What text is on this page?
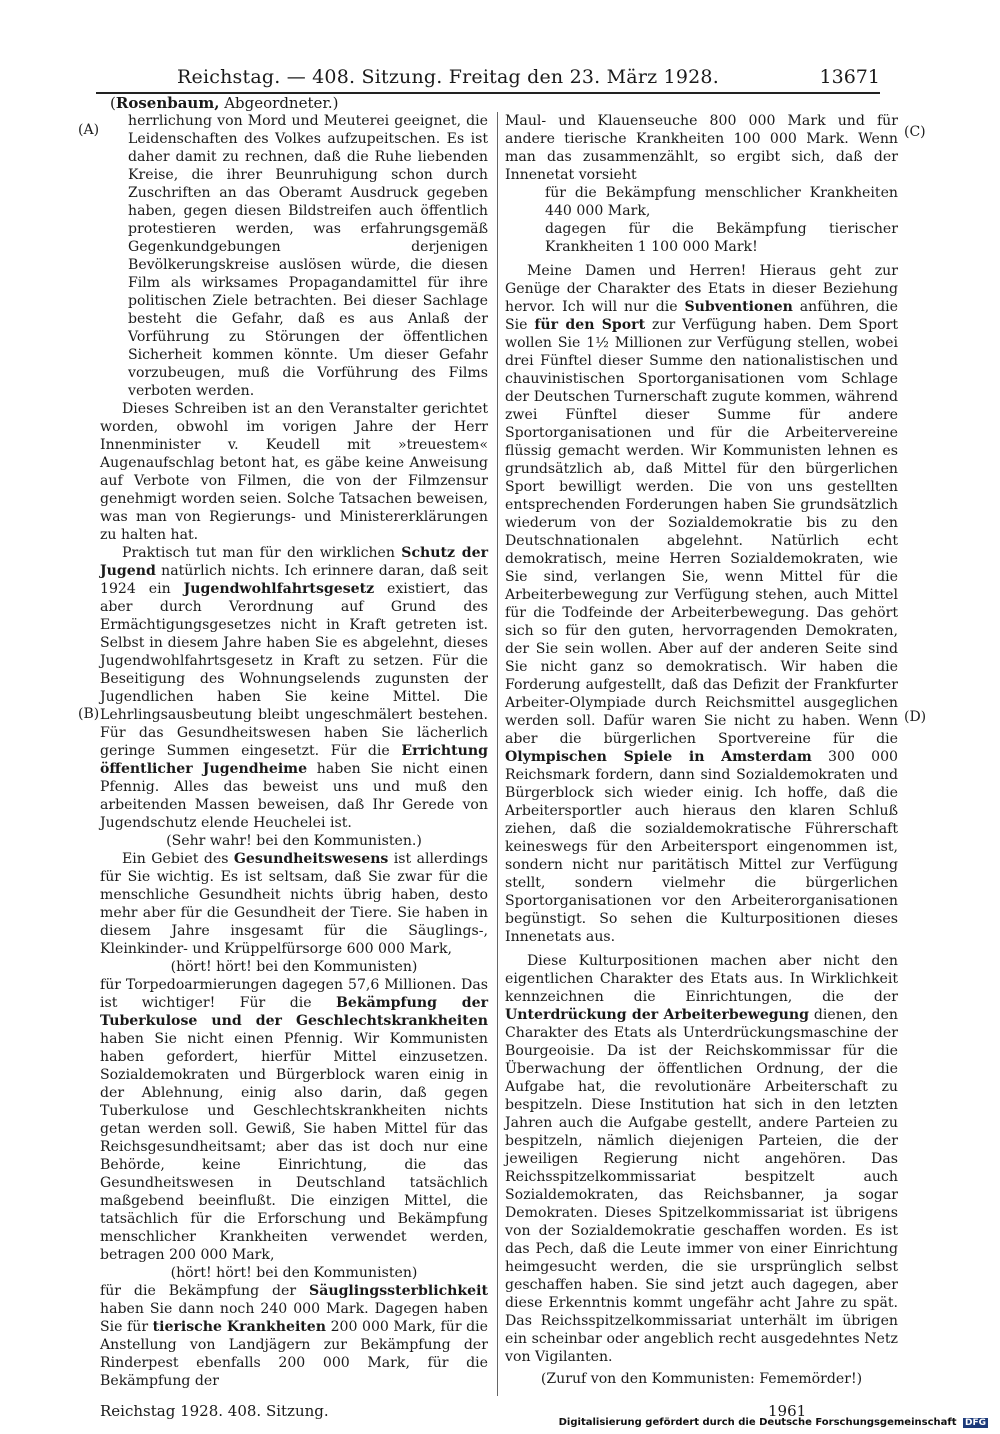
Reichstag. — 408. Sitzung. Freitag den 23. März 1928.	13671
(Rosenbaum, Abgeordneter.)
(A)
(B)
(C)
(D)

herrlichung von Mord und Meuterei geeignet, die Leidenschaften des Volkes aufzupeitschen. Es ist daher damit zu rechnen, daß die Ruhe liebenden Kreise, die ihrer Beunruhigung schon durch Zuschriften an das Oberamt Ausdruck gegeben haben, gegen diesen Bildstreifen auch öffentlich protestieren werden, was erfahrungsgemäß Gegenkundgebungen derjenigen Bevölkerungskreise auslösen würde, die diesen Film als wirksames Propagandamittel für ihre politischen Ziele betrachten. Bei dieser Sachlage besteht die Gefahr, daß es aus Anlaß der Vorführung zu Störungen der öffentlichen Sicherheit kommen könnte. Um dieser Gefahr vorzubeugen, muß die Vorführung des Films verboten werden.

Dieses Schreiben ist an den Veranstalter gerichtet worden, obwohl im vorigen Jahre der Herr Innenminister v. Keudell mit »treuestem« Augenaufschlag betont hat, es gäbe keine Anweisung auf Verbote von Filmen, die von der Filmzensur genehmigt worden seien. Solche Tatsachen beweisen, was man von Regierungs- und Ministererklärungen zu halten hat.

Praktisch tut man für den wirklichen Schutz der Jugend natürlich nichts. Ich erinnere daran, daß seit 1924 ein Jugendwohlfahrtsgesetz existiert, das aber durch Verordnung auf Grund des Ermächtigungsgesetzes nicht in Kraft getreten ist. Selbst in diesem Jahre haben Sie es abgelehnt, dieses Jugendwohlfahrtsgesetz in Kraft zu setzen. Für die Beseitigung des Wohnungselends zugunsten der Jugendlichen haben Sie keine Mittel. Die Lehrlingsausbeutung bleibt ungeschmälert bestehen. Für das Gesundheitswesen haben Sie lächerlich geringe Summen eingesetzt. Für die Errichtung öffentlicher Jugendheime haben Sie nicht einen Pfennig. Alles das beweist uns und muß den arbeitenden Massen beweisen, daß Ihr Gerede von Jugendschutz elende Heuchelei ist.

(Sehr wahr! bei den Kommunisten.)

Ein Gebiet des Gesundheitswesens ist allerdings für Sie wichtig. Es ist seltsam, daß Sie zwar für die menschliche Gesundheit nichts übrig haben, desto mehr aber für die Gesundheit der Tiere. Sie haben in diesem Jahre insgesamt für die Säuglings-, Kleinkinder- und Krüppelfürsorge 600 000 Mark,

(hört! hört! bei den Kommunisten)

für Torpedoarmierungen dagegen 57,6 Millionen. Das ist wichtiger! Für die Bekämpfung der Tuberkulose und der Geschlechtskrankheiten haben Sie nicht einen Pfennig. Wir Kommunisten haben gefordert, hierfür Mittel einzusetzen. Sozialdemokraten und Bürgerblock waren einig in der Ablehnung, einig also darin, daß gegen Tuberkulose und Geschlechtskrankheiten nichts getan werden soll. Gewiß, Sie haben Mittel für das Reichsgesundheitsamt; aber das ist doch nur eine Behörde, keine Einrichtung, die das Gesundheitswesen in Deutschland tatsächlich maßgebend beeinflußt. Die einzigen Mittel, die tatsächlich für die Erforschung und Bekämpfung menschlicher Krankheiten verwendet werden, betragen 200 000 Mark,

(hört! hört! bei den Kommunisten)

für die Bekämpfung der Säuglingssterblichkeit haben Sie dann noch 240 000 Mark. Dagegen haben Sie für tierische Krankheiten 200 000 Mark, für die Anstellung von Landjägern zur Bekämpfung der Rinderpest ebenfalls 200 000 Mark, für die Bekämpfung der

Maul- und Klauenseuche 800 000 Mark und für andere tierische Krankheiten 100 000 Mark. Wenn man das zusammenzählt, so ergibt sich, daß der Innenetat vorsieht

für die Bekämpfung menschlicher Krankheiten 440 000 Mark,

dagegen für die Bekämpfung tierischer Krankheiten 1 100 000 Mark!

Meine Damen und Herren! Hieraus geht zur Genüge der Charakter des Etats in dieser Beziehung hervor. Ich will nur die Subventionen anführen, die Sie für den Sport zur Verfügung haben. Dem Sport wollen Sie 1½ Millionen zur Verfügung stellen, wobei drei Fünftel dieser Summe den nationalistischen und chauvinistischen Sportorganisationen vom Schlage der Deutschen Turnerschaft zugute kommen, während zwei Fünftel dieser Summe für andere Sportorganisationen und für die Arbeitervereine flüssig gemacht werden. Wir Kommunisten lehnen es grundsätzlich ab, daß Mittel für den bürgerlichen Sport bewilligt werden. Die von uns gestellten entsprechenden Forderungen haben Sie grundsätzlich wiederum von der Sozialdemokratie bis zu den Deutschnationalen abgelehnt. Natürlich echt demokratisch, meine Herren Sozialdemokraten, wie Sie sind, verlangen Sie, wenn Mittel für die Arbeiterbewegung zur Verfügung stehen, auch Mittel für die Todfeinde der Arbeiterbewegung. Das gehört sich so für den guten, hervorragenden Demokraten, der Sie sein wollen. Aber auf der anderen Seite sind Sie nicht ganz so demokratisch. Wir haben die Forderung aufgestellt, daß das Defizit der Frankfurter Arbeiter-Olympiade durch Reichsmittel ausgeglichen werden soll. Dafür waren Sie nicht zu haben. Wenn aber die bürgerlichen Sportvereine für die Olympischen Spiele in Amsterdam 300 000 Reichsmark fordern, dann sind Sozialdemokraten und Bürgerblock sich wieder einig. Ich hoffe, daß die Arbeitersportler auch hieraus den klaren Schluß ziehen, daß die sozialdemokratische Führerschaft keineswegs für den Arbeitersport eingenommen ist, sondern nicht nur paritätisch Mittel zur Verfügung stellt, sondern vielmehr die bürgerlichen Sportorganisationen vor den Arbeiterorganisationen begünstigt. So sehen die Kulturpositionen dieses Innenetats aus.

Diese Kulturpositionen machen aber nicht den eigentlichen Charakter des Etats aus. In Wirklichkeit kennzeichnen die Einrichtungen, die der Unterdrückung der Arbeiterbewegung dienen, den Charakter des Etats als Unterdrückungsmaschine der Bourgeoisie. Da ist der Reichskommissar für die Überwachung der öffentlichen Ordnung, der die Aufgabe hat, die revolutionäre Arbeiterschaft zu bespitzeln. Diese Institution hat sich in den letzten Jahren auch die Aufgabe gestellt, andere Parteien zu bespitzeln, nämlich diejenigen Parteien, die der jeweiligen Regierung nicht angehören. Das Reichsspitzelkommissariat bespitzelt auch Sozialdemokraten, das Reichsbanner, ja sogar Demokraten. Dieses Spitzelkommissariat ist übrigens von der Sozialdemokratie geschaffen worden. Es ist das Pech, daß die Leute immer von einer Einrichtung heimgesucht werden, die sie ursprünglich selbst geschaffen haben. Sie sind jetzt auch dagegen, aber diese Erkenntnis kommt ungefähr acht Jahre zu spät. Das Reichsspitzelkommissariat unterhält im übrigen ein scheinbar oder angeblich recht ausgedehntes Netz von Vigilanten.

(Zuruf von den Kommunisten: Fememörder!)

Reichstag 1928. 408. Sitzung.	1961
Digitalisierung gefördert durch die Deutsche Forschungsgemeinschaft DFG
